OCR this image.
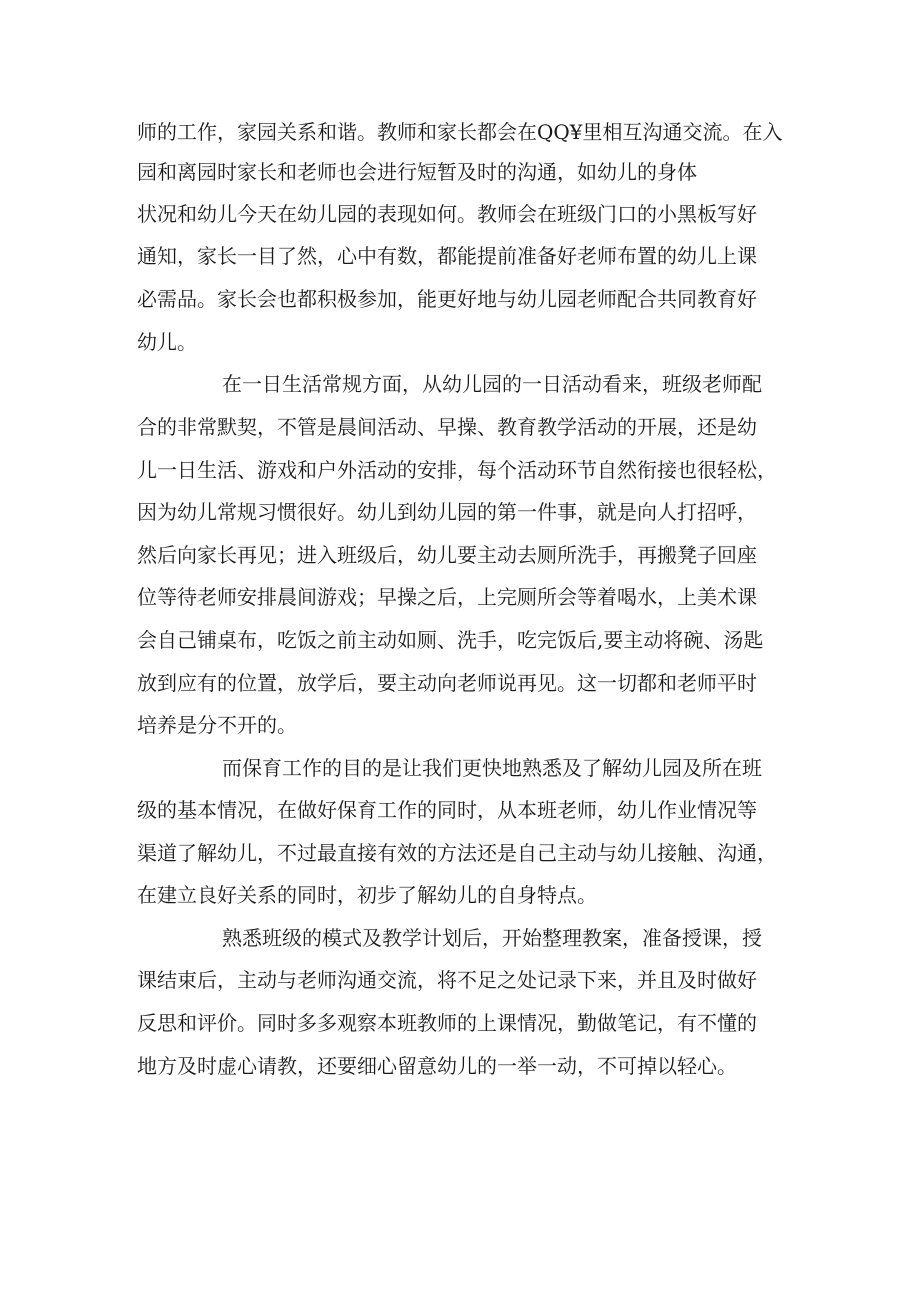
师的工作，家园关系和谐。教师和家长都会在QQ¥里相互沟通交流。在入

园和离园时家长和老师也会进行短暂及时的沟通，如幼儿的身体

状况和幼儿今天在幼儿园的表现如何。教师会在班级门口的小黑板写好

通知，家长一目了然，心中有数，都能提前准备好老师布置的幼儿上课

必需品。家长会也都积极参加，能更好地与幼儿园老师配合共同教育好

幼儿。

在一日生活常规方面，从幼儿园的一日活动看来，班级老师配

合的非常默契，不管是晨间活动、早操、教育教学活动的开展，还是幼

儿一日生活、游戏和户外活动的安排，每个活动环节自然衔接也很轻松，

因为幼儿常规习惯很好。幼儿到幼儿园的第一件事，就是向人打招呼，

然后向家长再见；进入班级后，幼儿要主动去厕所洗手，再搬凳子回座

位等待老师安排晨间游戏；早操之后，上完厕所会等着喝水，上美术课

会自己铺桌布，吃饭之前主动如厕、洗手，吃完饭后,要主动将碗、汤匙

放到应有的位置，放学后，要主动向老师说再见。这一切都和老师平时

培养是分不开的。

而保育工作的目的是让我们更快地熟悉及了解幼儿园及所在班

级的基本情况，在做好保育工作的同时，从本班老师，幼儿作业情况等

渠道了解幼儿，不过最直接有效的方法还是自己主动与幼儿接触、沟通，

在建立良好关系的同时，初步了解幼儿的自身特点。

熟悉班级的模式及教学计划后，开始整理教案，准备授课，授

课结束后，主动与老师沟通交流，将不足之处记录下来，并且及时做好

反思和评价。同时多多观察本班教师的上课情况，勤做笔记，有不懂的

地方及时虚心请教，还要细心留意幼儿的一举一动，不可掉以轻心。
